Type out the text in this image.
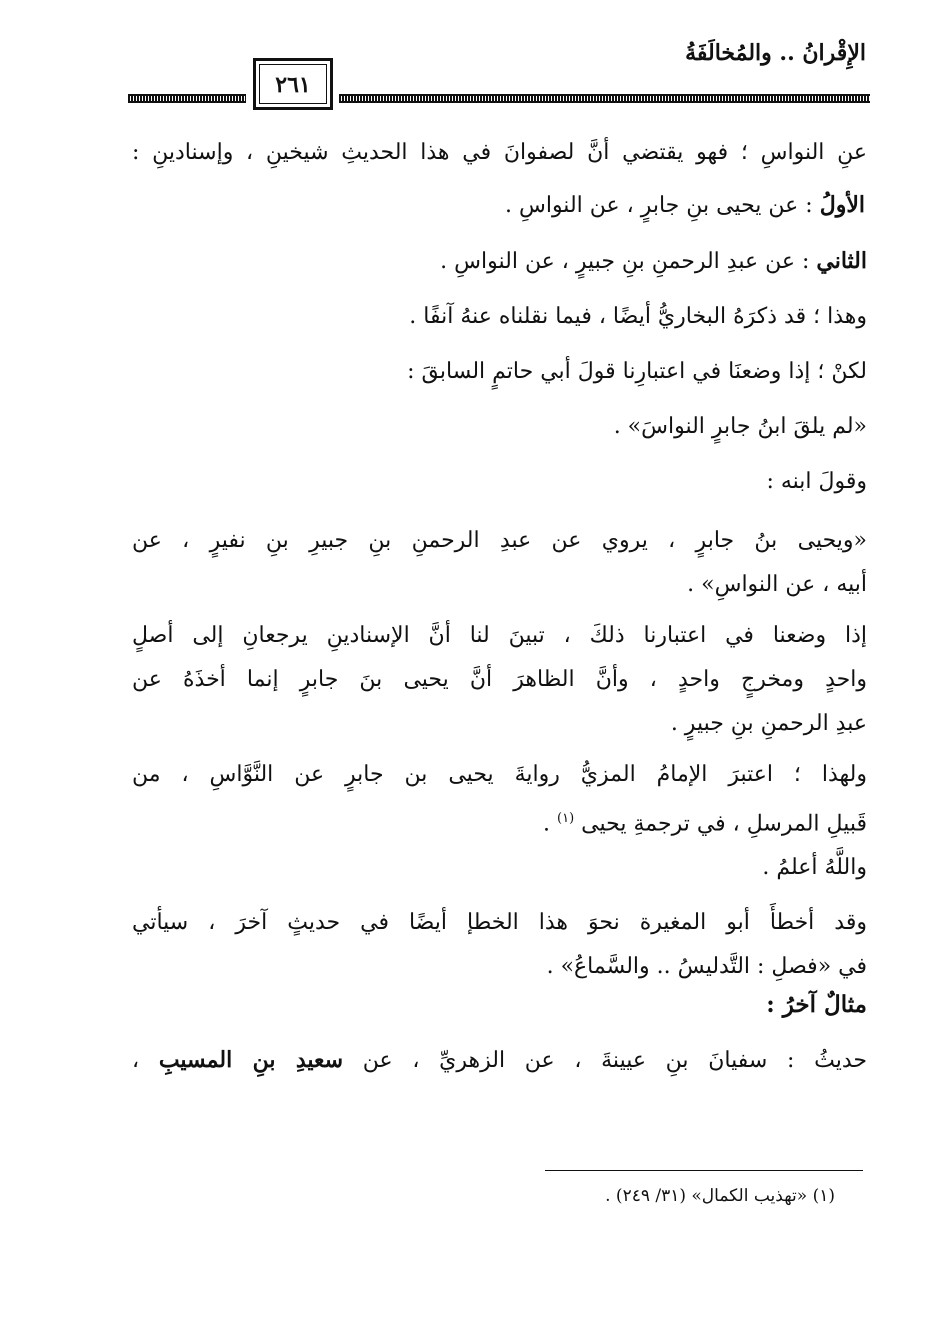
الإِقْرانُ .. والمُخالَفَةُ
٢٦١

عنِ النواسِ ؛ فهو يقتضي أنَّ لصفوانَ في هذا الحديثِ شيخينِ ، وإسنادينِ :

الأولُ : عن يحيى بنِ جابرٍ ، عن النواسِ .

الثاني : عن عبدِ الرحمنِ بنِ جبيرٍ ، عن النواسِ .

وهذا ؛ قد ذكرَهُ البخاريُّ أيضًا ، فيما نقلناه عنهُ آنفًا .

لكنْ ؛ إذا وضعنَا في اعتبارِنا قولَ أبي حاتمٍ السابقَ :

«لم يلقَ ابنُ جابرٍ النواسَ» .

وقولَ ابنه :

«ويحيى بنُ جابرٍ ، يروي عن عبدِ الرحمنِ بنِ جبيرِ بنِ نفيرٍ ، عن

أبيه ، عن النواسِ» .

إذا وضعنا في اعتبارنا ذلكَ ، تبينَ لنا أنَّ الإسنادينِ يرجعانِ إلى أصلٍ

واحدٍ ومخرجٍ واحدٍ ، وأنَّ الظاهرَ أنَّ يحيى بنَ جابرٍ إنما أخذَهُ عن

عبدِ الرحمنِ بنِ جبيرٍ .

ولهذا ؛ اعتبرَ الإمامُ المزيُّ روايةَ يحيى بن جابرٍ عن النَّوَّاسِ ، من

قَبيلِ المرسلِ ، في ترجمةِ يحيى $^{(١)}$ .

واللَّهُ أعلمُ .

وقد أخطأَ أبو المغيرة نحوَ هذا الخطإ أيضًا في حديثٍ آخرَ ، سيأتي

في «فصلِ : التَّدليسُ .. والسَّماعُ» .

مثالٌ آخرُ :

حديثُ : سفيانَ بنِ عيينةَ ، عن الزهريِّ ، عن سعيدِ بنِ المسيبِ ،

(١) «تهذيب الكمال» (٣١/ ٢٤٩) .
